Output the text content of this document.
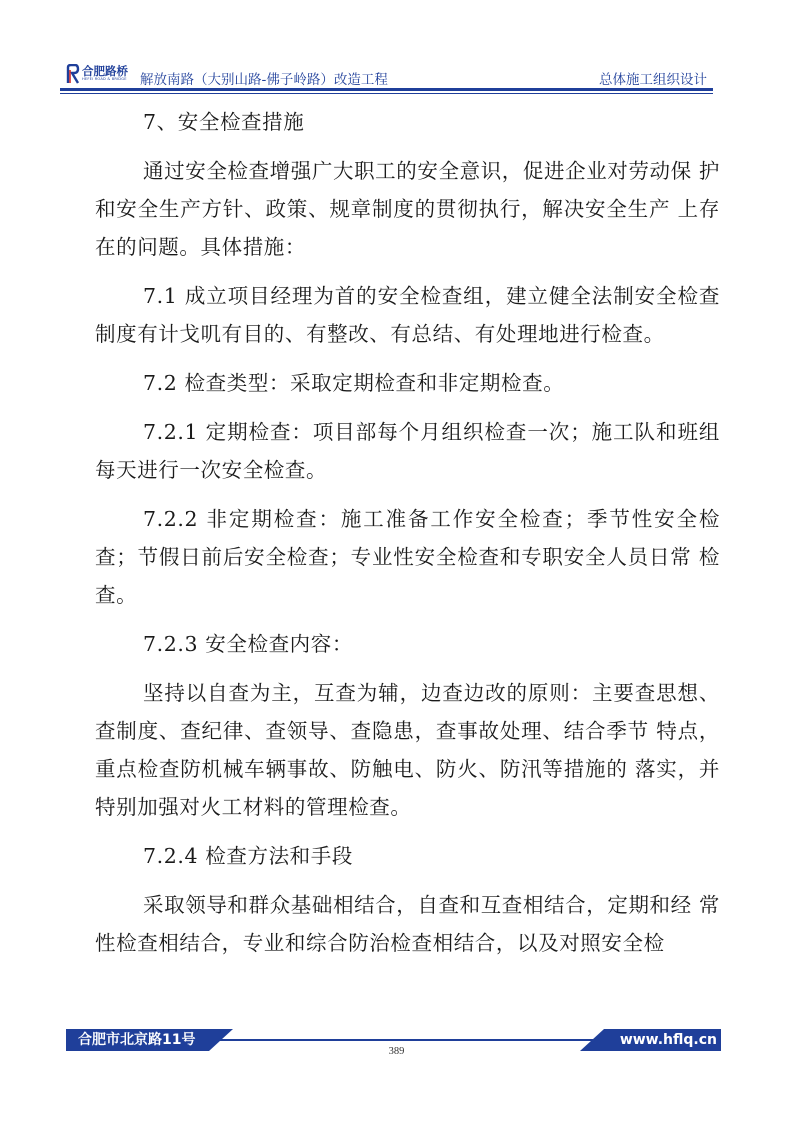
合肥路桥
HEFEI ROAD & BRIDGE 解放南路（大别山路-佛子岭路）改造工程	总体施工组织设计

7、安全检查措施

通过安全检查增强广大职工的安全意识，促进企业对劳动保 护和安全生产方针、政策、规章制度的贯彻执行，解决安全生产 上存在的问题。具体措施：

7.1 成立项目经理为首的安全检查组，建立健全法制安全检查制度有计戈叽有目的、有整改、有总结、有处理地进行检查。

7.2 检查类型：采取定期检查和非定期检查。

7.2.1 定期检查：项目部每个月组织检查一次；施工队和班组每天进行一次安全检查。

7.2.2 非定期检查：施工准备工作安全检查；季节性安全检查；节假日前后安全检查；专业性安全检查和专职安全人员日常 检查。

7.2.3 安全检查内容：

坚持以自查为主，互查为辅，边查边改的原则：主要查思想、查制度、查纪律、查领导、查隐患，查事故处理、结合季节 特点，重点检查防机械车辆事故、防触电、防火、防汛等措施的 落实，并特别加强对火工材料的管理检查。

7.2.4 检查方法和手段

采取领导和群众基础相结合，自查和互查相结合，定期和经 常性检查相结合，专业和综合防治检查相结合，以及对照安全检

合肥市北京路11号	www.hflq.cn
389
